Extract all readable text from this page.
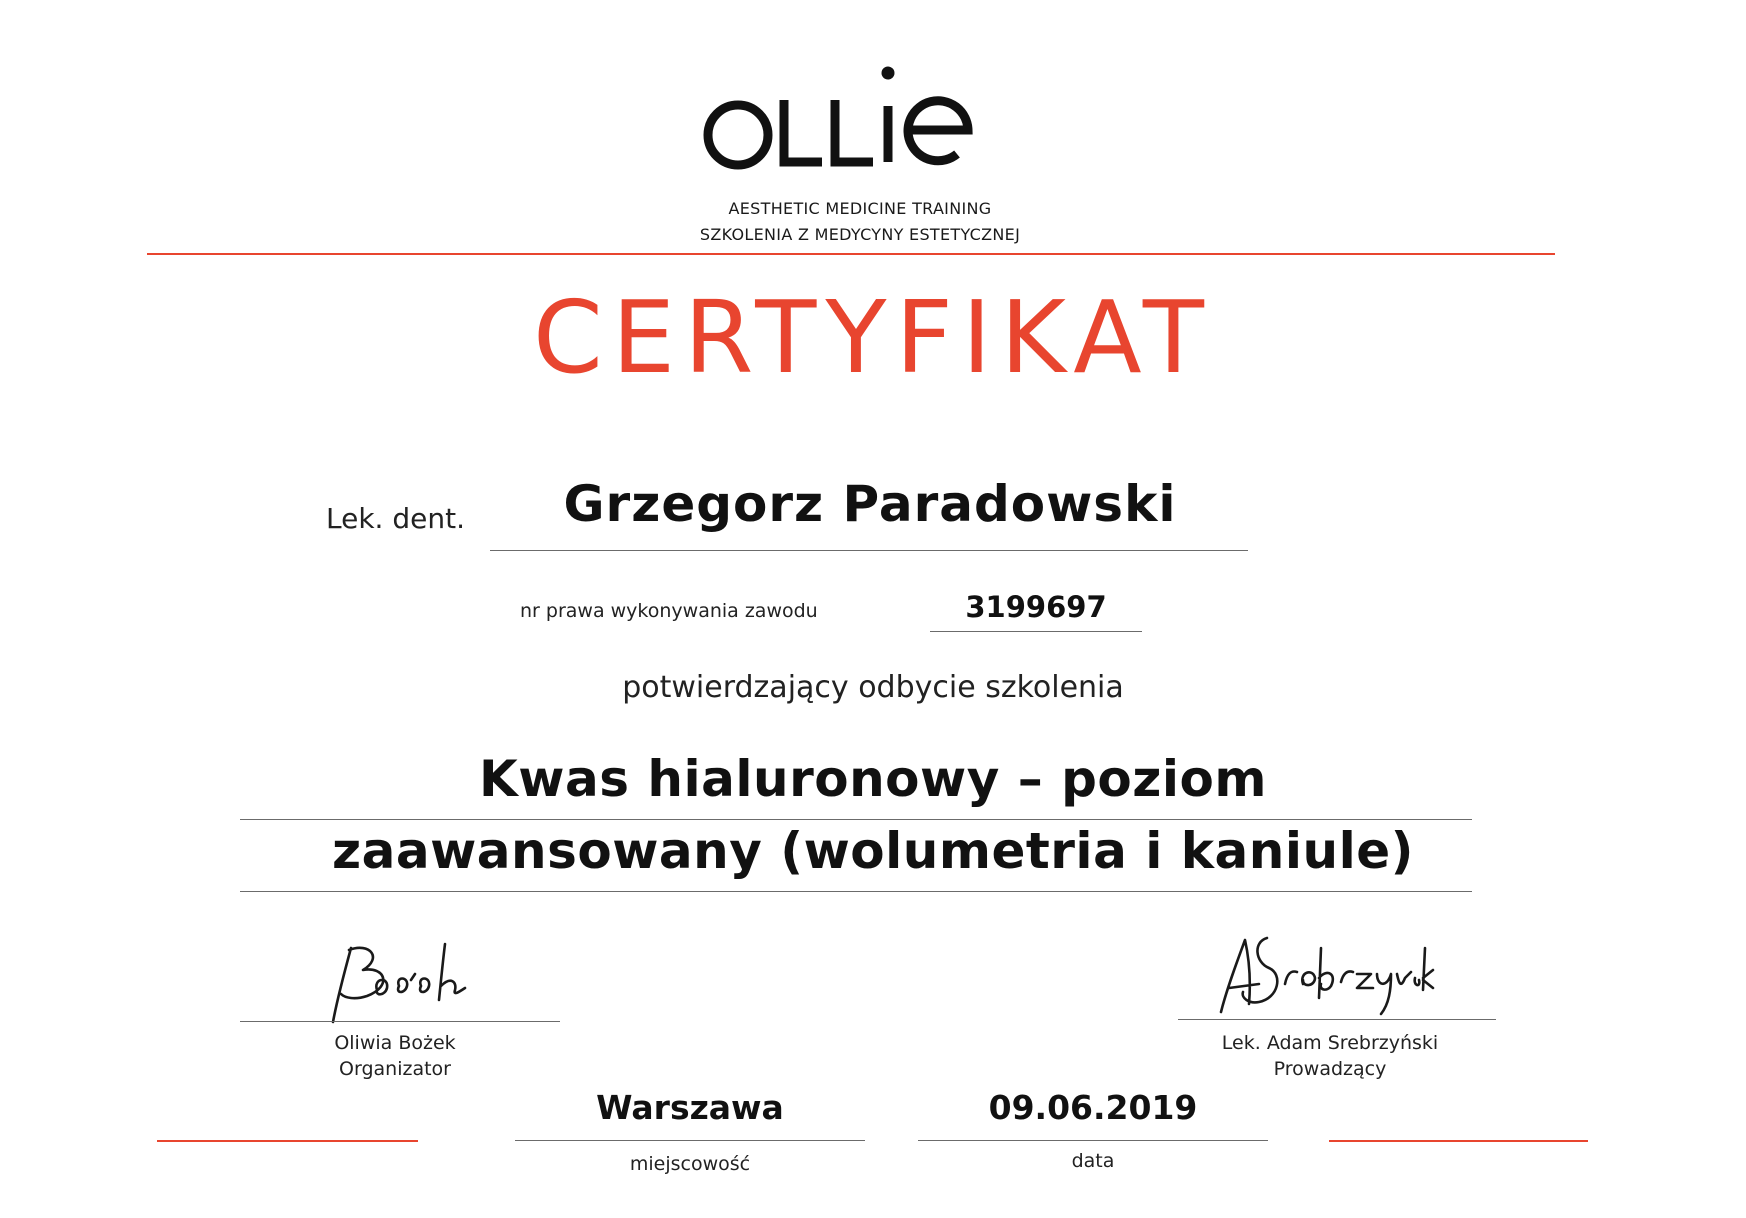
AESTHETIC MEDICINE TRAINING
SZKOLENIA Z MEDYCYNY ESTETYCZNEJ
CERTYFIKAT
Lek. dent.	Grzegorz Paradowski
nr prawa wykonywania zawodu	3199697
potwierdzający odbycie szkolenia
Kwas hialuronowy – poziom
zaawansowany (wolumetria i kaniule)
Oliwia Bożek
Organizator
Lek. Adam Srebrzyński
Prowadzący
Warszawa
miejscowość
09.06.2019
data
